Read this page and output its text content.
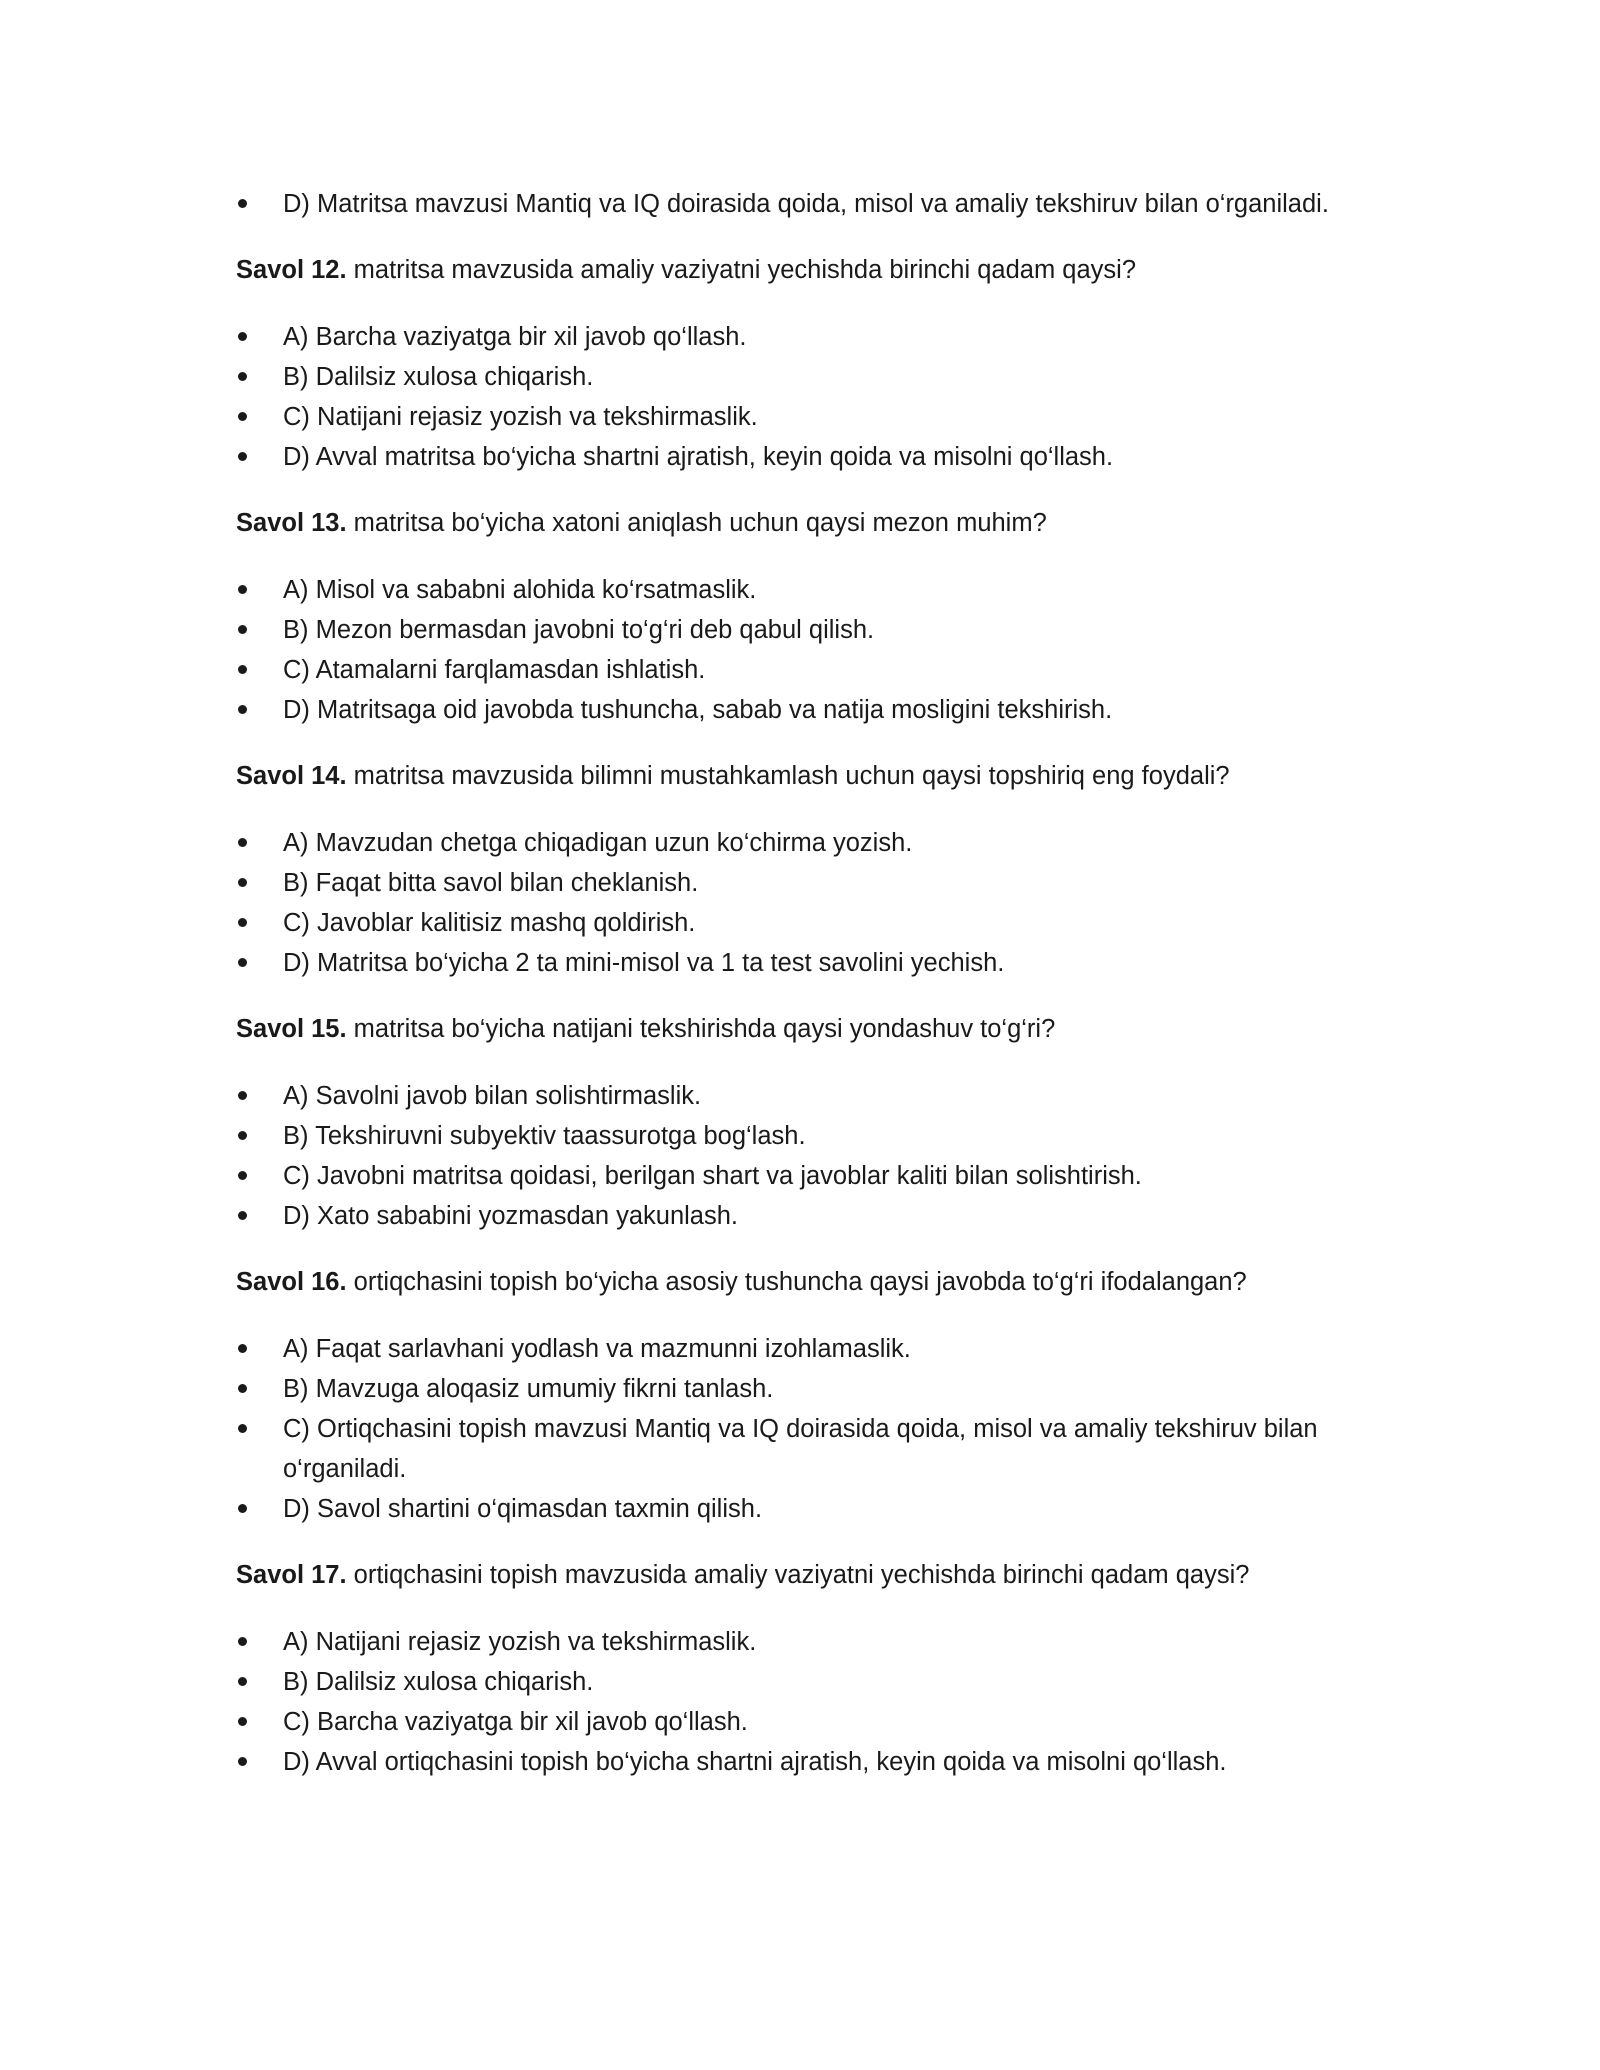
D) Matritsa mavzusi Mantiq va IQ doirasida qoida, misol va amaliy tekshiruv bilan o‘rganiladi.

Savol 12. matritsa mavzusida amaliy vaziyatni yechishda birinchi qadam qaysi?

A) Barcha vaziyatga bir xil javob qo‘llash.
B) Dalilsiz xulosa chiqarish.
C) Natijani rejasiz yozish va tekshirmaslik.
D) Avval matritsa bo‘yicha shartni ajratish, keyin qoida va misolni qo‘llash.

Savol 13. matritsa bo‘yicha xatoni aniqlash uchun qaysi mezon muhim?

A) Misol va sababni alohida ko‘rsatmaslik.
B) Mezon bermasdan javobni to‘g‘ri deb qabul qilish.
C) Atamalarni farqlamasdan ishlatish.
D) Matritsaga oid javobda tushuncha, sabab va natija mosligini tekshirish.

Savol 14. matritsa mavzusida bilimni mustahkamlash uchun qaysi topshiriq eng foydali?

A) Mavzudan chetga chiqadigan uzun ko‘chirma yozish.
B) Faqat bitta savol bilan cheklanish.
C) Javoblar kalitisiz mashq qoldirish.
D) Matritsa bo‘yicha 2 ta mini-misol va 1 ta test savolini yechish.

Savol 15. matritsa bo‘yicha natijani tekshirishda qaysi yondashuv to‘g‘ri?

A) Savolni javob bilan solishtirmaslik.
B) Tekshiruvni subyektiv taassurotga bog‘lash.
C) Javobni matritsa qoidasi, berilgan shart va javoblar kaliti bilan solishtirish.
D) Xato sababini yozmasdan yakunlash.

Savol 16. ortiqchasini topish bo‘yicha asosiy tushuncha qaysi javobda to‘g‘ri ifodalangan?

A) Faqat sarlavhani yodlash va mazmunni izohlamaslik.
B) Mavzuga aloqasiz umumiy fikrni tanlash.
C) Ortiqchasini topish mavzusi Mantiq va IQ doirasida qoida, misol va amaliy tekshiruv bilan o‘rganiladi.
D) Savol shartini o‘qimasdan taxmin qilish.

Savol 17. ortiqchasini topish mavzusida amaliy vaziyatni yechishda birinchi qadam qaysi?

A) Natijani rejasiz yozish va tekshirmaslik.
B) Dalilsiz xulosa chiqarish.
C) Barcha vaziyatga bir xil javob qo‘llash.
D) Avval ortiqchasini topish bo‘yicha shartni ajratish, keyin qoida va misolni qo‘llash.
